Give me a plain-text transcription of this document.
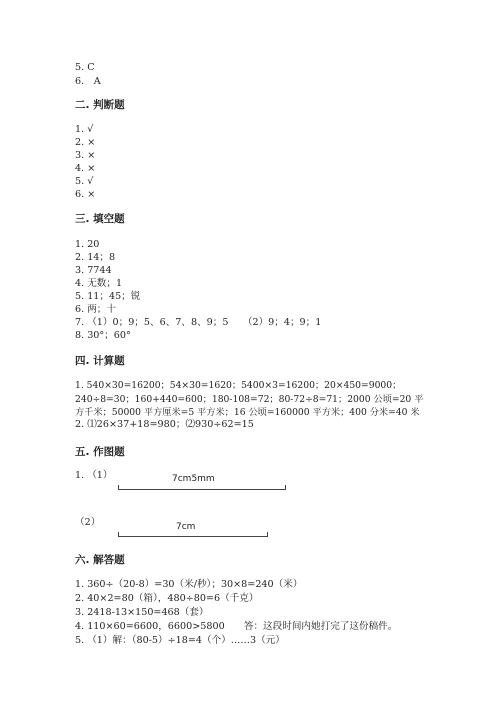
5. C
6.　A
二. 判断题
1. √
2. ×
3. ×
4. ×
5. √
6. ×
三. 填空题
1. 20
2. 14；8
3. 7744
4. 无数；1
5. 11；45；锐
6. 两；十
7. （1）0；9；5、6、7、8、9；5　　（2）9；4；9；1
8. 30°；60°
四. 计算题
1. 540×30=16200；54×30=1620；5400×3=16200；20×450=9000；240÷8=30；160+440=600；180-108=72；80-72÷8=71；2000 公顷=20 平方千米；50000 平方厘米=5 平方米；16 公顷=160000 平方米；400 分米=40 米
2. ⑴26×37+18=980；⑵930÷62=15
五. 作图题
1. （1）	7cm5mm
（2）	7cm
六. 解答题
1. 360÷（20-8）=30（米/秒）；30×8=240（米）
2. 40×2=80（箱），480÷80=6（千克）
3. 2418-13×150=468（套）
4. 110×60=6600，6600>5800　　答：这段时间内她打完了这份稿件。
5. （1）解：（80-5）÷18=4（个）……3（元）
